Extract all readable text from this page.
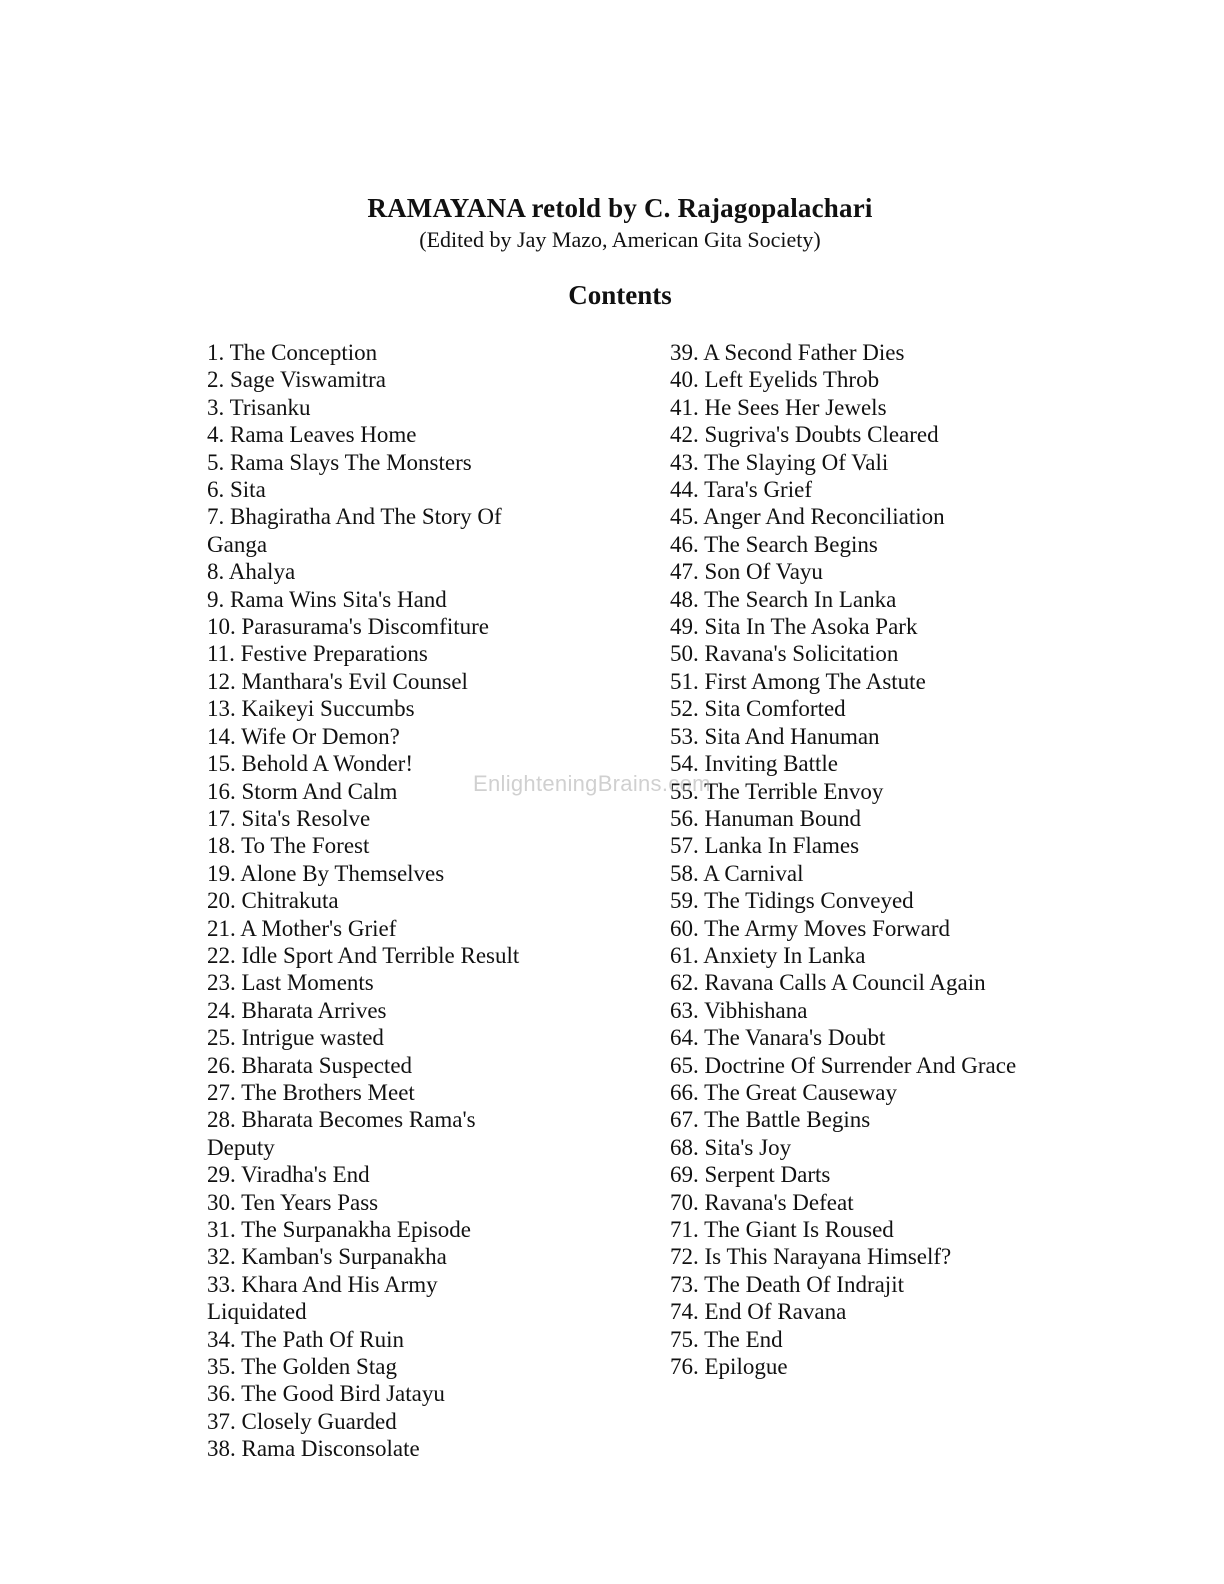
RAMAYANA retold by C. Rajagopalachari

(Edited by Jay Mazo, American Gita Society)

Contents
1. The Conception
2. Sage Viswamitra
3. Trisanku
4. Rama Leaves Home
5. Rama Slays The Monsters
6. Sita
7. Bhagiratha And The Story Of Ganga
8. Ahalya
9. Rama Wins Sita's Hand
10. Parasurama's Discomfiture
11. Festive Preparations
12. Manthara's Evil Counsel
13. Kaikeyi Succumbs
14. Wife Or Demon?
15. Behold A Wonder!
16. Storm And Calm
17. Sita's Resolve
18. To The Forest
19. Alone By Themselves
20. Chitrakuta
21. A Mother's Grief
22. Idle Sport And Terrible Result
23. Last Moments
24. Bharata Arrives
25. Intrigue wasted
26. Bharata Suspected
27. The Brothers Meet
28. Bharata Becomes Rama's Deputy
29. Viradha's End
30. Ten Years Pass
31. The Surpanakha Episode
32. Kamban's Surpanakha
33. Khara And His Army Liquidated
34. The Path Of Ruin
35. The Golden Stag
36. The Good Bird Jatayu
37. Closely Guarded
38. Rama Disconsolate
39. A Second Father Dies
40. Left Eyelids Throb
41. He Sees Her Jewels
42. Sugriva's Doubts Cleared
43. The Slaying Of Vali
44. Tara's Grief
45. Anger And Reconciliation
46. The Search Begins
47. Son Of Vayu
48. The Search In Lanka
49. Sita In The Asoka Park
50. Ravana's Solicitation
51. First Among The Astute
52. Sita Comforted
53. Sita And Hanuman
54. Inviting Battle
55. The Terrible Envoy
56. Hanuman Bound
57. Lanka In Flames
58. A Carnival
59. The Tidings Conveyed
60. The Army Moves Forward
61. Anxiety In Lanka
62. Ravana Calls A Council Again
63. Vibhishana
64. The Vanara's Doubt
65. Doctrine Of Surrender And Grace
66. The Great Causeway
67. The Battle Begins
68. Sita's Joy
69. Serpent Darts
70. Ravana's Defeat
71. The Giant Is Roused
72. Is This Narayana Himself?
73. The Death Of Indrajit
74. End Of Ravana
75. The End
76. Epilogue
EnlighteningBrains.com
